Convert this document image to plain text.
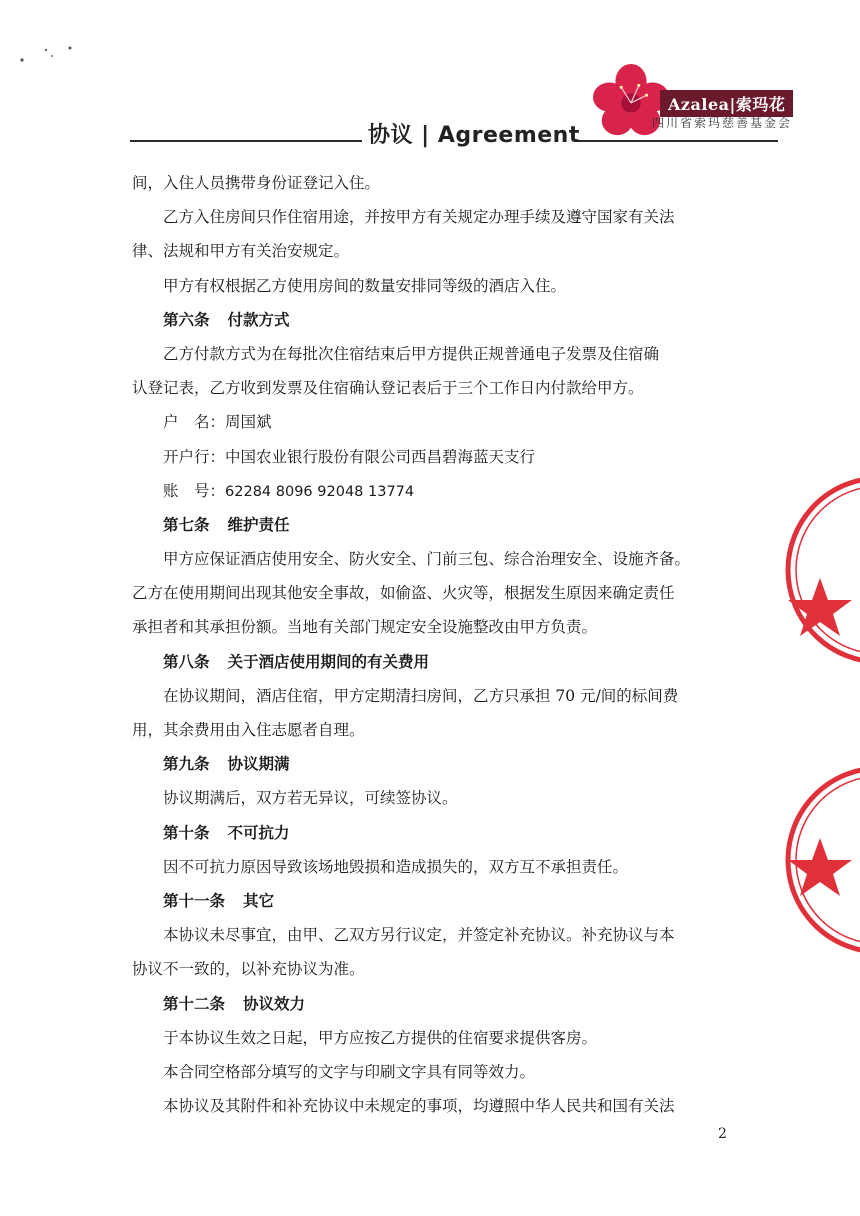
协议 | Agreement
Azalea|索玛花
四川省索玛慈善基金会
间，入住人员携带身份证登记入住。
乙方入住房间只作住宿用途，并按甲方有关规定办理手续及遵守国家有关法
律、法规和甲方有关治安规定。
甲方有权根据乙方使用房间的数量安排同等级的酒店入住。
第六条 付款方式
乙方付款方式为在每批次住宿结束后甲方提供正规普通电子发票及住宿确
认登记表，乙方收到发票及住宿确认登记表后于三个工作日内付款给甲方。
户　名：周国斌
开户行：中国农业银行股份有限公司西昌碧海蓝天支行
账　号：62284 8096 92048 13774
第七条 维护责任
甲方应保证酒店使用安全、防火安全、门前三包、综合治理安全、设施齐备。
乙方在使用期间出现其他安全事故，如偷盗、火灾等，根据发生原因来确定责任
承担者和其承担份额。当地有关部门规定安全设施整改由甲方负责。
第八条 关于酒店使用期间的有关费用
在协议期间，酒店住宿，甲方定期清扫房间，乙方只承担 70 元/间的标间费
用，其余费用由入住志愿者自理。
第九条 协议期满
协议期满后，双方若无异议，可续签协议。
第十条 不可抗力
因不可抗力原因导致该场地毁损和造成损失的，双方互不承担责任。
第十一条 其它
本协议未尽事宜，由甲、乙双方另行议定，并签定补充协议。补充协议与本
协议不一致的，以补充协议为准。
第十二条 协议效力
于本协议生效之日起，甲方应按乙方提供的住宿要求提供客房。
本合同空格部分填写的文字与印刷文字具有同等效力。
本协议及其附件和补充协议中未规定的事项，均遵照中华人民共和国有关法
2
